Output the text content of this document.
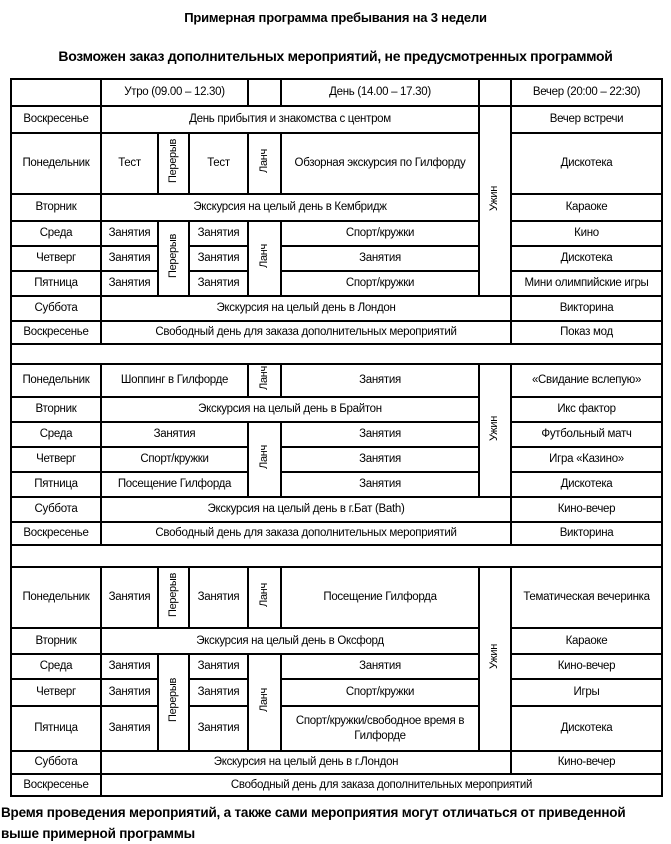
Примерная программа пребывания на 3 недели
Возможен заказ дополнительных мероприятий, не предусмотренных программой
	Утро (09.00 – 12.30)				День (14.00 – 17.30)		Вечер (20:00 – 22:30)
Воскресенье	День прибытия и знакомства с центром					Ужин	Вечер встречи
Понедельник	Тест	Перерыв	Тест	Ланч	Обзорная экскурсия по Гилфорду		Дискотека
Вторник	Экскурсия на целый день в Кембридж						Караоке
Среда	Занятия	Перерыв	Занятия	Ланч	Спорт/кружки		Кино
Четверг	Занятия		Занятия		Занятия		Дискотека
Пятница	Занятия		Занятия		Спорт/кружки		Мини олимпийские игры
Суббота	Экскурсия на целый день в Лондон						Викторина
Воскресенье	Свободный день для заказа дополнительных мероприятий						Показ мод

Понедельник	Шоппинг в Гилфорде			Ланч	Занятия	Ужин	«Свидание вслепую»
Вторник	Экскурсия на целый день в Брайтон						Икс фактор
Среда	Занятия			Ланч	Занятия		Футбольный матч
Четверг	Спорт/кружки				Занятия		Игра «Казино»
Пятница	Посещение Гилфорда				Занятия		Дискотека
Суббота	Экскурсия на целый день в г.Бат (Bath)						Кино-вечер
Воскресенье	Свободный день для заказа дополнительных мероприятий						Викторина

Понедельник	Занятия	Перерыв	Занятия	Ланч	Посещение Гилфорда	Ужин	Тематическая вечеринка
Вторник	Экскурсия на целый день в Оксфорд						Караоке
Среда	Занятия	Перерыв	Занятия	Ланч	Занятия		Кино-вечер
Четверг	Занятия		Занятия		Спорт/кружки		Игры
Пятница	Занятия		Занятия		Спорт/кружки/свободное время в Гилфорде		Дискотека
Суббота	Экскурсия на целый день в г.Лондон						Кино-вечер
Воскресенье	Свободный день для заказа дополнительных мероприятий						
Время проведения мероприятий, а также сами мероприятия могут отличаться от приведенной выше примерной программы
